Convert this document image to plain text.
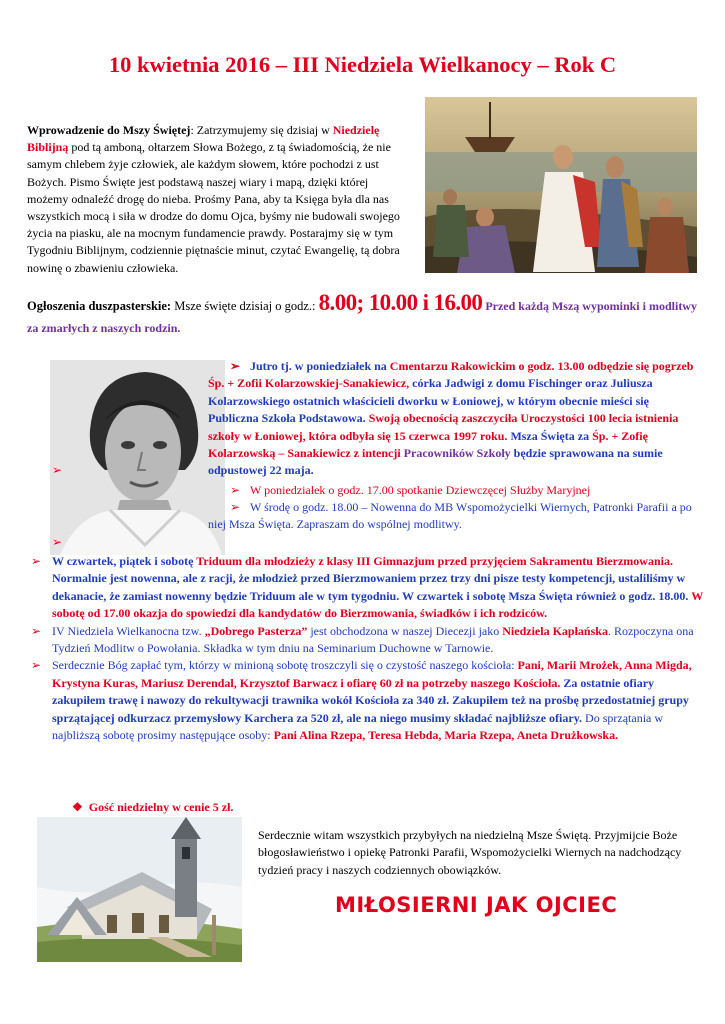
10 kwietnia 2016 – III Niedziela Wielkanocy – Rok C
Wprowadzenie do Mszy Świętej: Zatrzymujemy się dzisiaj w Niedzielę Biblijną pod tą amboną, ołtarzem Słowa Bożego, z tą świadomością, że nie samym chlebem żyje człowiek, ale każdym słowem, które pochodzi z ust Bożych. Pismo Święte jest podstawą naszej wiary i mapą, dzięki której możemy odnaleźć drogę do nieba. Prośmy Pana, aby ta Księga była dla nas wszystkich mocą i siła w drodze do domu Ojca, byśmy nie budowali swojego życia na piasku, ale na mocnym fundamencie prawdy. Postarajmy się w tym Tygodniu Biblijnym, codziennie piętnaście minut, czytać Ewangelię, tą dobra nowinę o zbawieniu człowieka.
Ogłoszenia duszpasterskie: Msze święte dzisiaj o godz.: 8.00; 10.00 i 16.00 Przed każdą Mszą wypominki i modlitwy za zmarłych z naszych rodzin.
➢
➢
➢ Jutro tj. w poniedziałek na Cmentarzu Rakowickim o godz. 13.00 odbędzie się pogrzeb Śp. + Zofii Kolarzowskiej-Sanakiewicz, córka Jadwigi z domu Fischinger oraz Juliusza Kolarzowskiego ostatnich właścicieli dworku w Łoniowej, w którym obecnie mieści się Publiczna Szkoła Podstawowa. Swoją obecnością zaszczyciła Uroczystości 100 lecia istnienia szkoły w Łoniowej, która odbyła się 15 czerwca 1997 roku. Msza Święta za Śp. + Zofię Kolarzowską – Sanakiewicz z intencji Pracowników Szkoły będzie sprawowana na sumie odpustowej 22 maja.
➢ W poniedziałek o godz. 17.00 spotkanie Dziewczęcej Służby Maryjnej
➢ W środę o godz. 18.00 – Nowenna do MB Wspomożycielki Wiernych, Patronki Parafii a po niej Msza Święta. Zapraszam do wspólnej modlitwy.
➢ W czwartek, piątek i sobotę Triduum dla młodzieży z klasy III Gimnazjum przed przyjęciem Sakramentu Bierzmowania. Normalnie jest nowenna, ale z racji, że młodzież przed Bierzmowaniem przez trzy dni pisze testy kompetencji, ustaliliśmy w dekanacie, że zamiast nowenny będzie Triduum ale w tym tygodniu. W czwartek i sobotę Msza Święta również o godz. 18.00. W sobotę od 17.00 okazja do spowiedzi dla kandydatów do Bierzmowania, świadków i ich rodziców.
➢ IV Niedziela Wielkanocna tzw. „Dobrego Pasterza” jest obchodzona w naszej Diecezji jako Niedziela Kapłańska. Rozpoczyna ona Tydzień Modlitw o Powołania. Składka w tym dniu na Seminarium Duchowne w Tarnowie.
➢ Serdecznie Bóg zapłać tym, którzy w minioną sobotę troszczyli się o czystość naszego kościoła: Pani, Marii Mrożek, Anna Migda, Krystyna Kuras, Mariusz Derendal, Krzysztof Barwacz i ofiarę 60 zł na potrzeby naszego Kościoła. Za ostatnie ofiary zakupiłem trawę i nawozy do rekultywacji trawnika wokół Kościoła za 340 zł. Zakupiłem też na prośbę przedostatniej grupy sprzątającej odkurzacz przemysłowy Karchera za 520 zł, ale na niego musimy składać najbliższe ofiary. Do sprzątania w najbliższą sobotę prosimy następujące osoby: Pani Alina Rzepa, Teresa Hebda, Maria Rzepa, Aneta Drużkowska.
❖ Gość niedzielny w cenie 5 zł.
Serdecznie witam wszystkich przybyłych na niedzielną Msze Świętą. Przyjmijcie Boże błogosławieństwo i opiekę Patronki Parafii, Wspomożycielki Wiernych na nadchodzący tydzień pracy i naszych codziennych obowiązków.
MIŁOSIERNI JAK OJCIEC
